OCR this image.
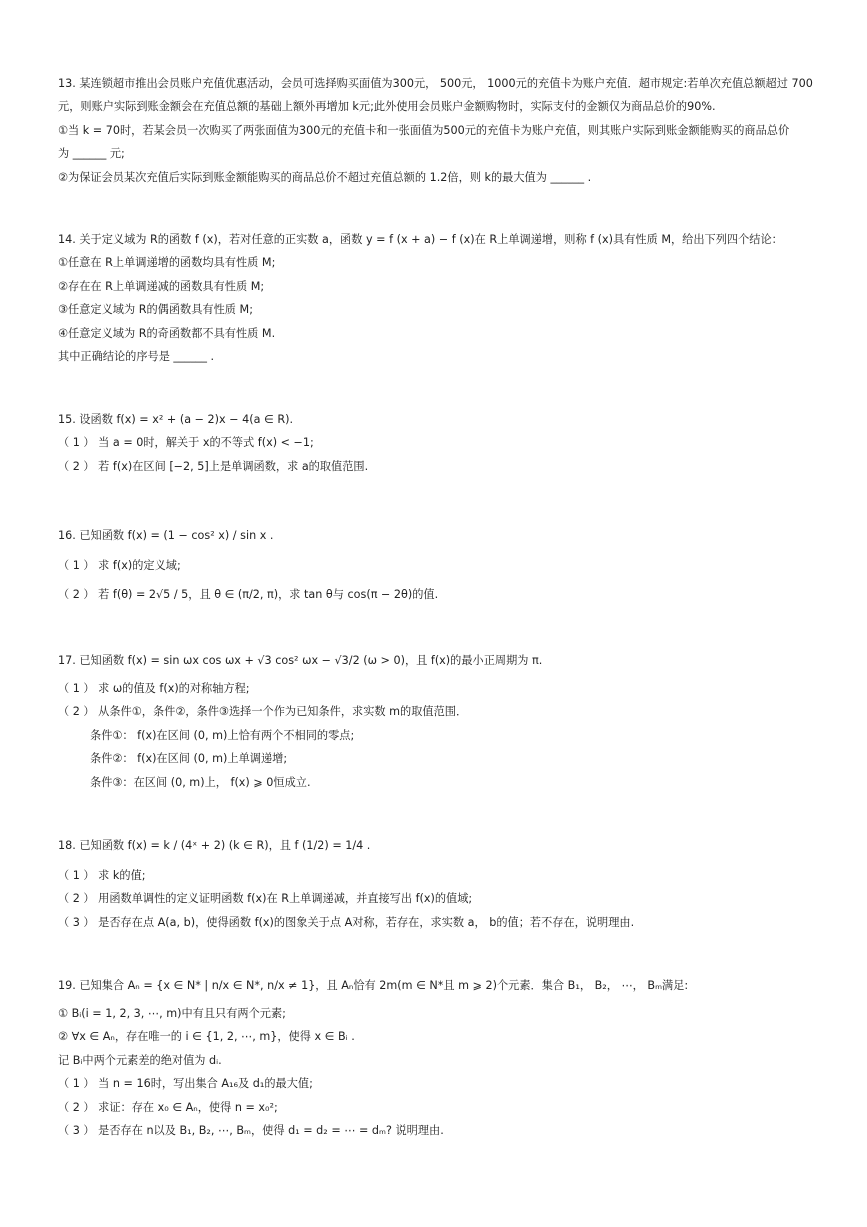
13. 某连锁超市推出会员账户充值优惠活动，会员可选择购买面值为300元， 500元， 1000元的充值卡为账户充值．超市规定:若单次充值总额超过 700
元，则账户实际到账金额会在充值总额的基础上额外再增加 k元;此外使用会员账户金额购物时，实际支付的金额仅为商品总价的90%.
①当 k = 70时，若某会员一次购买了两张面值为300元的充值卡和一张面值为500元的充值卡为账户充值，则其账户实际到账金额能购买的商品总价
为 ______ 元;
②为保证会员某次充值后实际到账金额能购买的商品总价不超过充值总额的 1.2倍，则 k的最大值为 ______ .
14. 关于定义域为 R的函数 f (x)，若对任意的正实数 a，函数 y = f (x + a) − f (x)在 R上单调递增，则称 f (x)具有性质 M，给出下列四个结论：
①任意在 R上单调递增的函数均具有性质 M;
②存在在 R上单调递减的函数具有性质 M;
③任意定义域为 R的偶函数具有性质 M;
④任意定义域为 R的奇函数都不具有性质 M.
其中正确结论的序号是 ______ .
15. 设函数 f(x) = x² + (a − 2)x − 4(a ∈ R).
（ 1 ） 当 a = 0时，解关于 x的不等式 f(x) < −1;
（ 2 ） 若 f(x)在区间 [−2, 5]上是单调函数，求 a的取值范围.
16. 已知函数 f(x) = (1 − cos² x) / sin x .
（ 1 ） 求 f(x)的定义域;
（ 2 ） 若 f(θ) = 2√5 / 5，且 θ ∈ (π/2, π)，求 tan θ与 cos(π − 2θ)的值.
17. 已知函数 f(x) = sin ωx cos ωx + √3 cos² ωx − √3/2 (ω > 0)，且 f(x)的最小正周期为 π.
（ 1 ） 求 ω的值及 f(x)的对称轴方程;
（ 2 ） 从条件①，条件②，条件③选择一个作为已知条件，求实数 m的取值范围．
条件①： f(x)在区间 (0, m)上恰有两个不相同的零点;
条件②： f(x)在区间 (0, m)上单调递增;
条件③：在区间 (0, m)上， f(x) ⩾ 0恒成立.
18. 已知函数 f(x) = k / (4ˣ + 2) (k ∈ R)，且 f (1/2) = 1/4 .
（ 1 ） 求 k的值;
（ 2 ） 用函数单调性的定义证明函数 f(x)在 R上单调递减，并直接写出 f(x)的值域;
（ 3 ） 是否存在点 A(a, b)，使得函数 f(x)的图象关于点 A对称，若存在，求实数 a， b的值；若不存在，说明理由.
19. 已知集合 Aₙ = {x ∈ N* | n/x ∈ N*, n/x ≠ 1}，且 Aₙ恰有 2m(m ∈ N*且 m ⩾ 2)个元素．集合 B₁， B₂， ⋯， Bₘ满足:
① Bᵢ(i = 1, 2, 3, ⋯, m)中有且只有两个元素;
② ∀x ∈ Aₙ，存在唯一的 i ∈ {1, 2, ⋯, m}，使得 x ∈ Bᵢ .
记 Bᵢ中两个元素差的绝对值为 dᵢ.
（ 1 ） 当 n = 16时，写出集合 A₁₆及 d₁的最大值;
（ 2 ） 求证：存在 x₀ ∈ Aₙ，使得 n = x₀²;
（ 3 ） 是否存在 n以及 B₁, B₂, ⋯, Bₘ，使得 d₁ = d₂ = ⋯ = dₘ? 说明理由.
